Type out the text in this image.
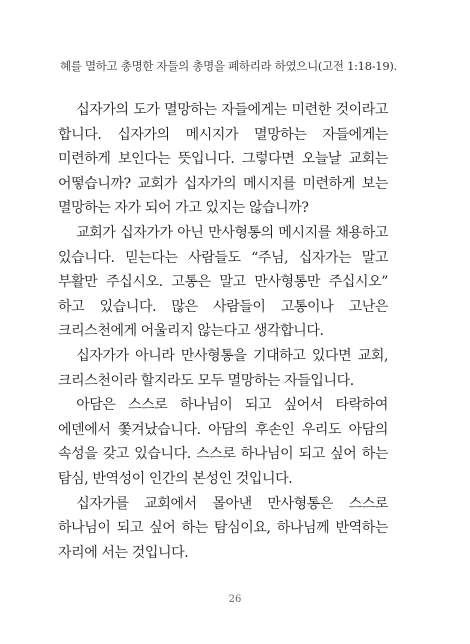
혜를 멸하고 총명한 자들의 총명을 폐하리라 하였으니(고전 1:18-19).

십자가의 도가 멸망하는 자들에게는 미련한 것이라고 합니다. 십자가의 메시지가 멸망하는 자들에게는 미련하게 보인다는 뜻입니다. 그렇다면 오늘날 교회는 어떻습니까? 교회가 십자가의 메시지를 미련하게 보는 멸망하는 자가 되어 가고 있지는 않습니까?

교회가 십자가가 아닌 만사형통의 메시지를 채용하고 있습니다. 믿는다는 사람들도 “주님, 십자가는 말고 부활만 주십시오. 고통은 말고 만사형통만 주십시오” 하고 있습니다. 많은 사람들이 고통이나 고난은 크리스천에게 어울리지 않는다고 생각합니다.

십자가가 아니라 만사형통을 기대하고 있다면 교회, 크리스천이라 할지라도 모두 멸망하는 자들입니다.

아담은 스스로 하나님이 되고 싶어서 타락하여 에덴에서 쫓겨났습니다. 아담의 후손인 우리도 아담의 속성을 갖고 있습니다. 스스로 하나님이 되고 싶어 하는 탐심, 반역성이 인간의 본성인 것입니다.

십자가를 교회에서 몰아낸 만사형통은 스스로 하나님이 되고 싶어 하는 탐심이요, 하나님께 반역하는 자리에 서는 것입니다.

26
